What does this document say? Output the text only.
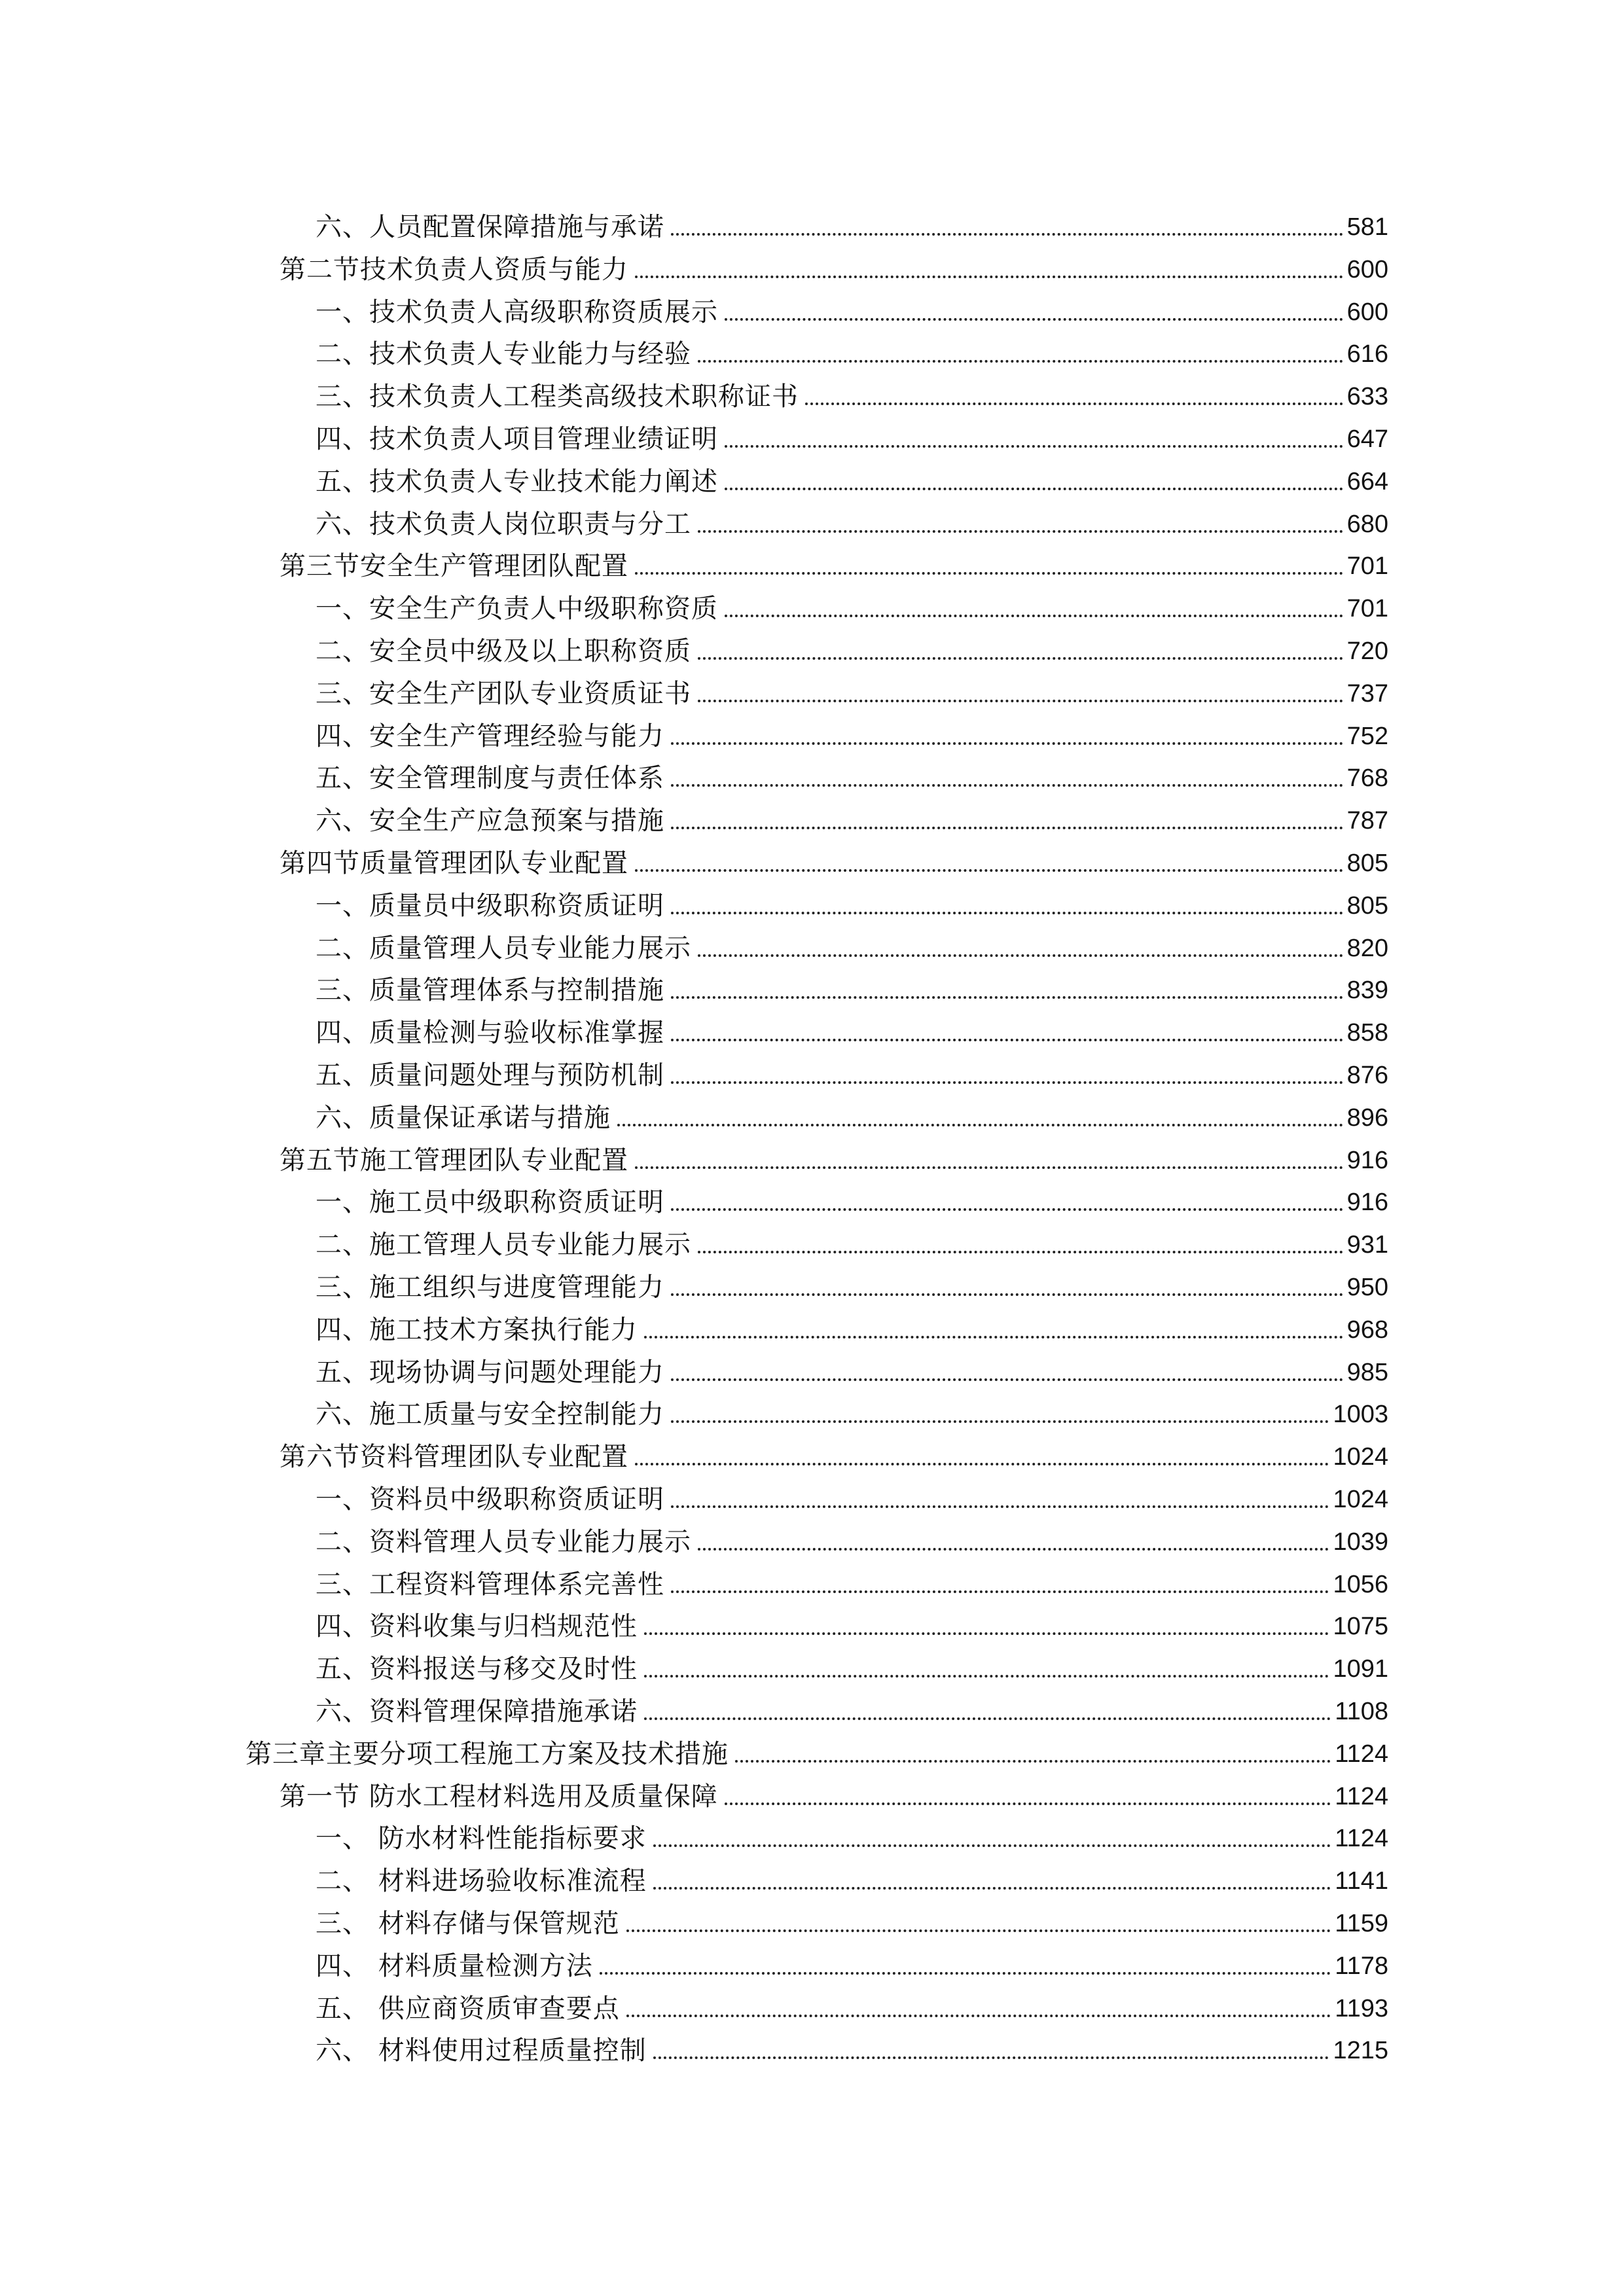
六、人员配置保障措施与承诺	581
第二节技术负责人资质与能力	600
一、技术负责人高级职称资质展示	600
二、技术负责人专业能力与经验	616
三、技术负责人工程类高级技术职称证书	633
四、技术负责人项目管理业绩证明	647
五、技术负责人专业技术能力阐述	664
六、技术负责人岗位职责与分工	680
第三节安全生产管理团队配置	701
一、安全生产负责人中级职称资质	701
二、安全员中级及以上职称资质	720
三、安全生产团队专业资质证书	737
四、安全生产管理经验与能力	752
五、安全管理制度与责任体系	768
六、安全生产应急预案与措施	787
第四节质量管理团队专业配置	805
一、质量员中级职称资质证明	805
二、质量管理人员专业能力展示	820
三、质量管理体系与控制措施	839
四、质量检测与验收标准掌握	858
五、质量问题处理与预防机制	876
六、质量保证承诺与措施	896
第五节施工管理团队专业配置	916
一、施工员中级职称资质证明	916
二、施工管理人员专业能力展示	931
三、施工组织与进度管理能力	950
四、施工技术方案执行能力	968
五、现场协调与问题处理能力	985
六、施工质量与安全控制能力	1003
第六节资料管理团队专业配置	1024
一、资料员中级职称资质证明	1024
二、资料管理人员专业能力展示	1039
三、工程资料管理体系完善性	1056
四、资料收集与归档规范性	1075
五、资料报送与移交及时性	1091
六、资料管理保障措施承诺	1108
第三章主要分项工程施工方案及技术措施	1124
第一节 防水工程材料选用及质量保障	1124
一、 防水材料性能指标要求	1124
二、 材料进场验收标准流程	1141
三、 材料存储与保管规范	1159
四、 材料质量检测方法	1178
五、 供应商资质审查要点	1193
六、 材料使用过程质量控制	1215
